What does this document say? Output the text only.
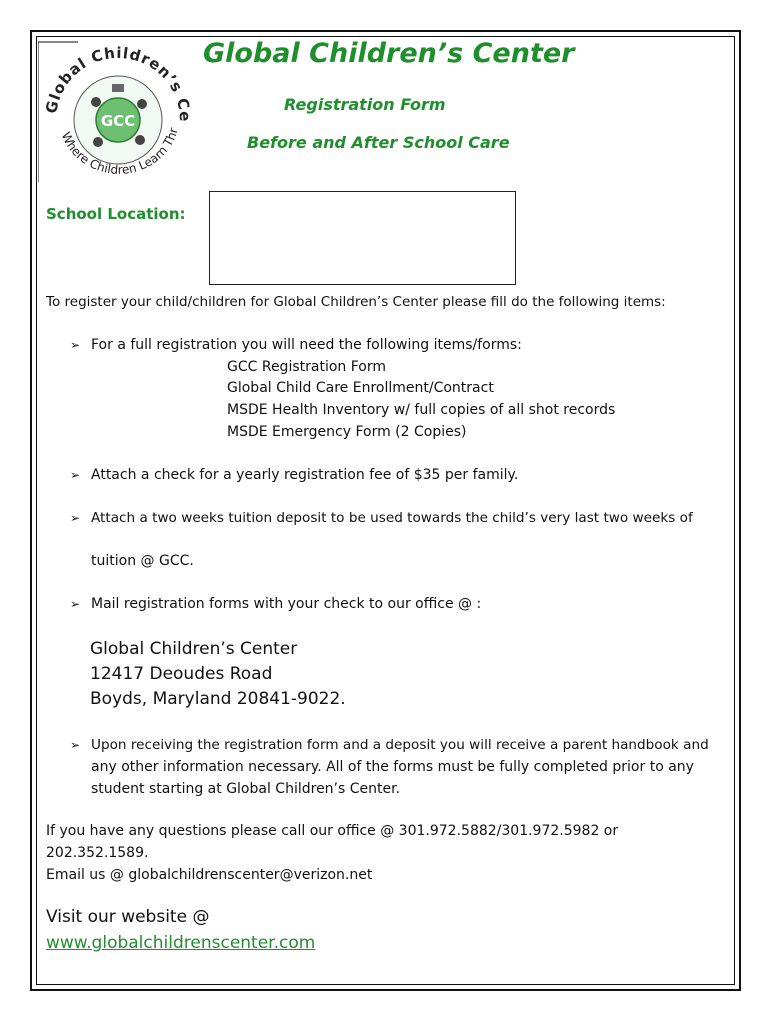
Global Children’s Ce
GCC
Where Children Learn Thr
Global Children’s Center
Registration Form
Before and After School Care
School Location:
To register your child/children for Global Children’s Center please fill do the following items:
➢ For a full registration you will need the following items/forms:
GCC Registration Form
Global Child Care Enrollment/Contract
MSDE Health Inventory w/ full copies of all shot records
MSDE Emergency Form (2 Copies)
➢ Attach a check for a yearly registration fee of $35 per family.
➢ Attach a two weeks tuition deposit to be used towards the child’s very last two weeks of
tuition @ GCC.
➢ Mail registration forms with your check to our office @ :
Global Children’s Center
12417 Deoudes Road
Boyds, Maryland 20841-9022.
➢ Upon receiving the registration form and a deposit you will receive a parent handbook and
any other information necessary. All of the forms must be fully completed prior to any
student starting at Global Children’s Center.
If you have any questions please call our office @ 301.972.5882/301.972.5982 or
202.352.1589.
Email us @ globalchildrenscenter@verizon.net
Visit our website @
www.globalchildrenscenter.com
